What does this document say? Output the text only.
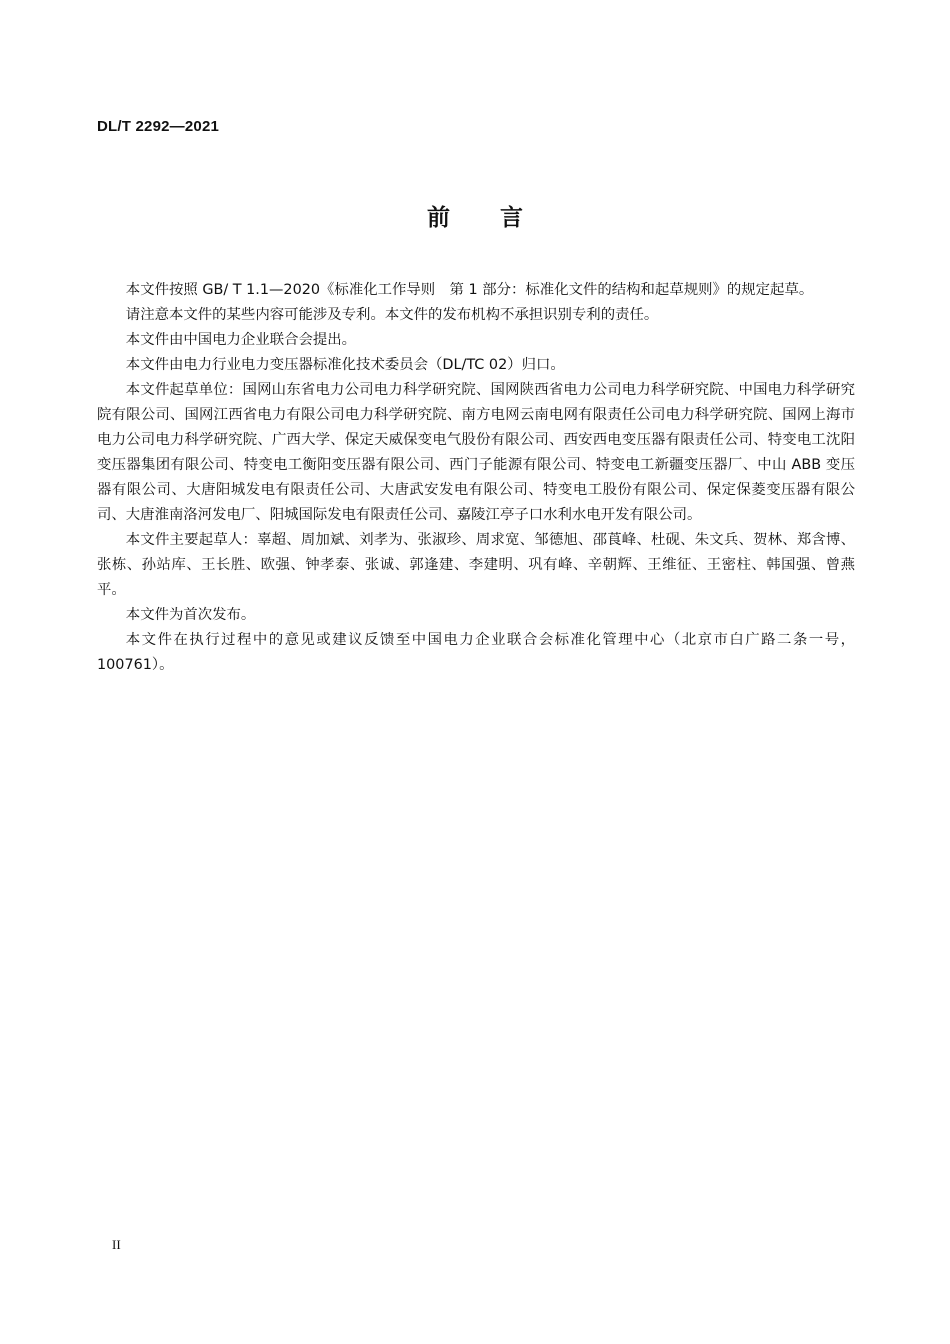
DL/T 2292—2021
前 言

本文件按照 GB/ T 1.1—2020《标准化工作导则　第 1 部分：标准化文件的结构和起草规则》的规定起草。

请注意本文件的某些内容可能涉及专利。本文件的发布机构不承担识别专利的责任。

本文件由中国电力企业联合会提出。

本文件由电力行业电力变压器标准化技术委员会（DL/TC 02）归口。

本文件起草单位：国网山东省电力公司电力科学研究院、国网陕西省电力公司电力科学研究院、中国电力科学研究院有限公司、国网江西省电力有限公司电力科学研究院、南方电网云南电网有限责任公司电力科学研究院、国网上海市电力公司电力科学研究院、广西大学、保定天威保变电气股份有限公司、西安西电变压器有限责任公司、特变电工沈阳变压器集团有限公司、特变电工衡阳变压器有限公司、西门子能源有限公司、特变电工新疆变压器厂、中山 ABB 变压器有限公司、大唐阳城发电有限责任公司、大唐武安发电有限公司、特变电工股份有限公司、保定保菱变压器有限公司、大唐淮南洛河发电厂、阳城国际发电有限责任公司、嘉陵江亭子口水利水电开发有限公司。

本文件主要起草人：辜超、周加斌、刘孝为、张淑珍、周求宽、邹德旭、邵莨峰、杜砚、朱文兵、贺林、郑含博、张栋、孙站库、王长胜、欧强、钟孝泰、张诚、郭逢建、李建明、巩有峰、辛朝辉、王维征、王密柱、韩国强、曾燕平。

本文件为首次发布。

本文件在执行过程中的意见或建议反馈至中国电力企业联合会标准化管理中心（北京市白广路二条一号，100761）。

II
